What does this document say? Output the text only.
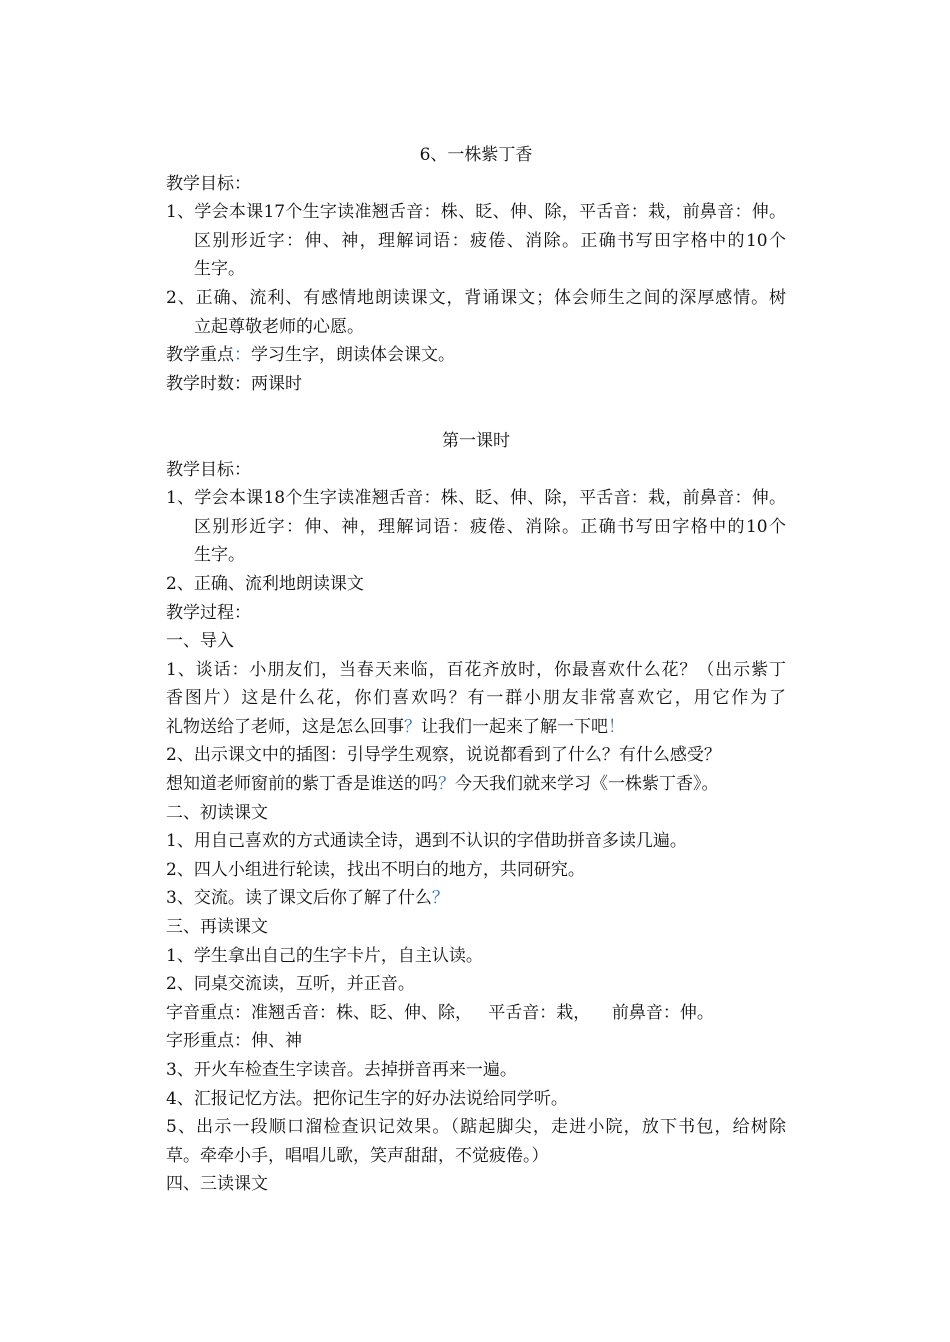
6、一株紫丁香
教学目标：
1、学会本课17个生字读准翘舌音：株、眨、伸、除，平舌音：栽，前鼻音：伸。
区别形近字：伸、神，理解词语：疲倦、消除。正确书写田字格中的10个
生字。
2、正确、流利、有感情地朗读课文，背诵课文；体会师生之间的深厚感情。树
立起尊敬老师的心愿。
教学重点：学习生字，朗读体会课文。
教学时数：两课时
第一课时
教学目标：
1、学会本课18个生字读准翘舌音：株、眨、伸、除，平舌音：栽，前鼻音：伸。
区别形近字：伸、神，理解词语：疲倦、消除。正确书写田字格中的10个
生字。
2、正确、流利地朗读课文
教学过程：
一、导入
1、谈话：小朋友们，当春天来临，百花齐放时，你最喜欢什么花？（出示紫丁
香图片）这是什么花，你们喜欢吗？有一群小朋友非常喜欢它，用它作为了
礼物送给了老师，这是怎么回事？让我们一起来了解一下吧！
2、出示课文中的插图：引导学生观察，说说都看到了什么？有什么感受？
想知道老师窗前的紫丁香是谁送的吗？今天我们就来学习《一株紫丁香》。
二、初读课文
1、用自己喜欢的方式通读全诗，遇到不认识的字借助拼音多读几遍。
2、四人小组进行轮读，找出不明白的地方，共同研究。
3、交流。读了课文后你了解了什么？
三、再读课文
1、学生拿出自己的生字卡片，自主认读。
2、同桌交流读，互听，并正音。
字音重点：准翘舌音：株、眨、伸、除，   平舌音：栽，    前鼻音：伸。
字形重点：伸、神
3、开火车检查生字读音。去掉拼音再来一遍。
4、汇报记忆方法。把你记生字的好办法说给同学听。
5、出示一段顺口溜检查识记效果。（踮起脚尖，走进小院，放下书包，给树除
草。牵牵小手，唱唱儿歌，笑声甜甜，不觉疲倦。）
四、三读课文
